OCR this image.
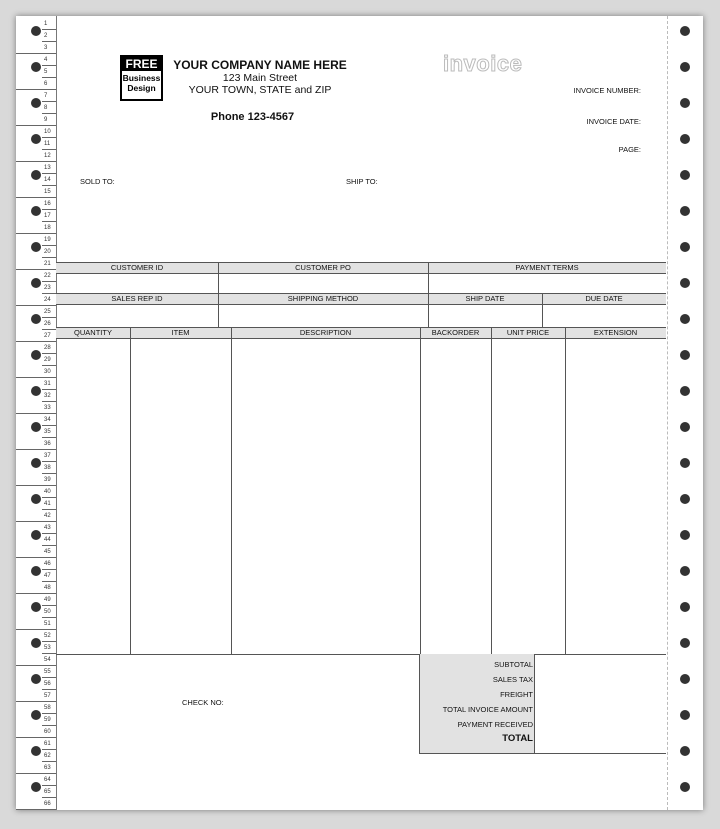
1
2
3
4
5
6
7
8
9
10
11
12
13
14
15
16
17
18
19
20
21
22
23
24
25
26
27
28
29
30
31
32
33
34
35
36
37
38
39
40
41
42
43
44
45
46
47
48
49
50
51
52
53
54
55
56
57
58
59
60
61
62
63
64
65
66
FREE
Business
Design
YOUR COMPANY NAME HERE
123 Main Street
YOUR TOWN, STATE and ZIP
Phone 123-4567
invoice
INVOICE NUMBER:
INVOICE DATE:
PAGE:
SOLD TO:	SHIP TO:
CUSTOMER ID	CUSTOMER PO	PAYMENT TERMS
SALES REP ID	SHIPPING METHOD	SHIP DATE	DUE DATE
QUANTITY	ITEM	DESCRIPTION	BACKORDER	UNIT PRICE	EXTENSION
CHECK NO:
SUBTOTAL
SALES TAX
FREIGHT
TOTAL INVOICE AMOUNT
PAYMENT RECEIVED
TOTAL
